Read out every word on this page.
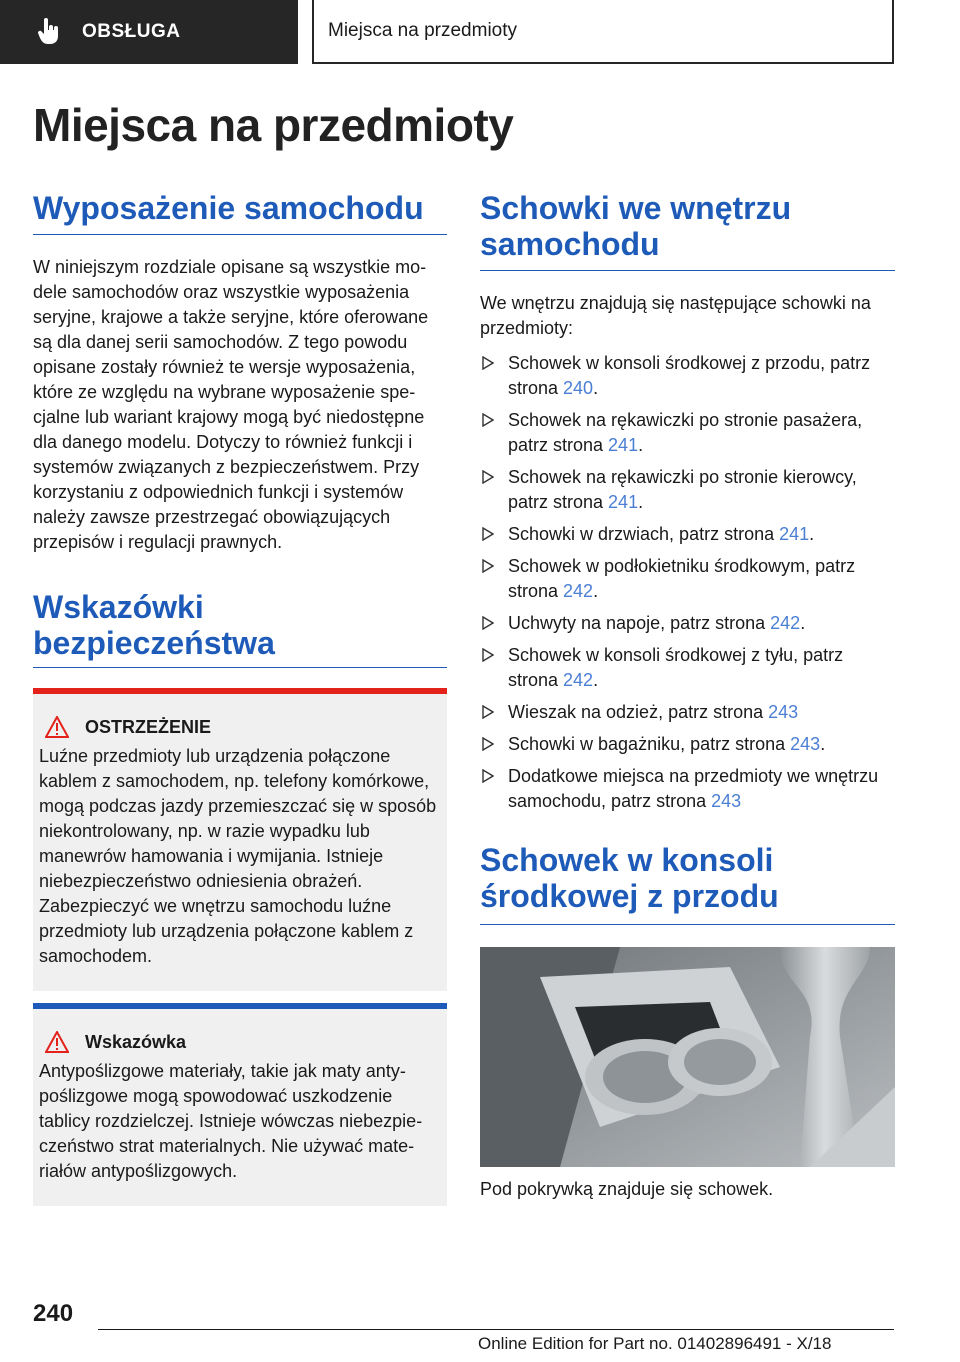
OBSŁUGA	Miejsca na przedmioty
Miejsca na przedmioty
Wyposażenie samochodu

W niniejszym rozdziale opisane są wszystkie modele samochodów oraz wszystkie wyposażenia seryjne, krajowe a także seryjne, które oferowane są dla danej serii samochodów. Z tego powodu opisane zostały również te wersje wyposażenia, które ze względu na wybrane wyposażenie specjalne lub wariant krajowy mogą być niedostępne dla danego modelu. Dotyczy to również funkcji i systemów związanych z bezpieczeństwem. Przy korzystaniu z odpowiednich funkcji i systemów należy zawsze przestrzegać obowiązujących przepisów i regulacji prawnych.

Wskazówki bezpieczeństwa
OSTRZEŻENIE

Luźne przedmioty lub urządzenia połączone kablem z samochodem, np. telefony komórkowe, mogą podczas jazdy przemieszczać się w sposób niekontrolowany, np. w razie wypadku lub manewrów hamowania i wymijania. Istnieje niebezpieczeństwo odniesienia obrażeń. Zabezpieczyć we wnętrzu samochodu luźne przedmioty lub urządzenia połączone kablem z samochodem.

Wskazówka

Antypoślizgowe materiały, takie jak maty antypoślizgowe mogą spowodować uszkodzenie tablicy rozdzielczej. Istnieje wówczas niebezpieczeństwo strat materialnych. Nie używać materiałów antypoślizgowych.

Schowki we wnętrzu samochodu

We wnętrzu znajdują się następujące schowki na przedmioty:

Schowek w konsoli środkowej z przodu, patrz strona 240.
Schowek na rękawiczki po stronie pasażera, patrz strona 241.
Schowek na rękawiczki po stronie kierowcy, patrz strona 241.
Schowki w drzwiach, patrz strona 241.
Schowek w podłokietniku środkowym, patrz strona 242.
Uchwyty na napoje, patrz strona 242.
Schowek w konsoli środkowej z tyłu, patrz strona 242.
Wieszak na odzież, patrz strona 243
Schowki w bagażniku, patrz strona 243.
Dodatkowe miejsca na przedmioty we wnętrzu samochodu, patrz strona 243
Schowek w konsoli środkowej z przodu

Pod pokrywką znajduje się schowek.

240
Online Edition for Part no. 01402896491 - X/18
